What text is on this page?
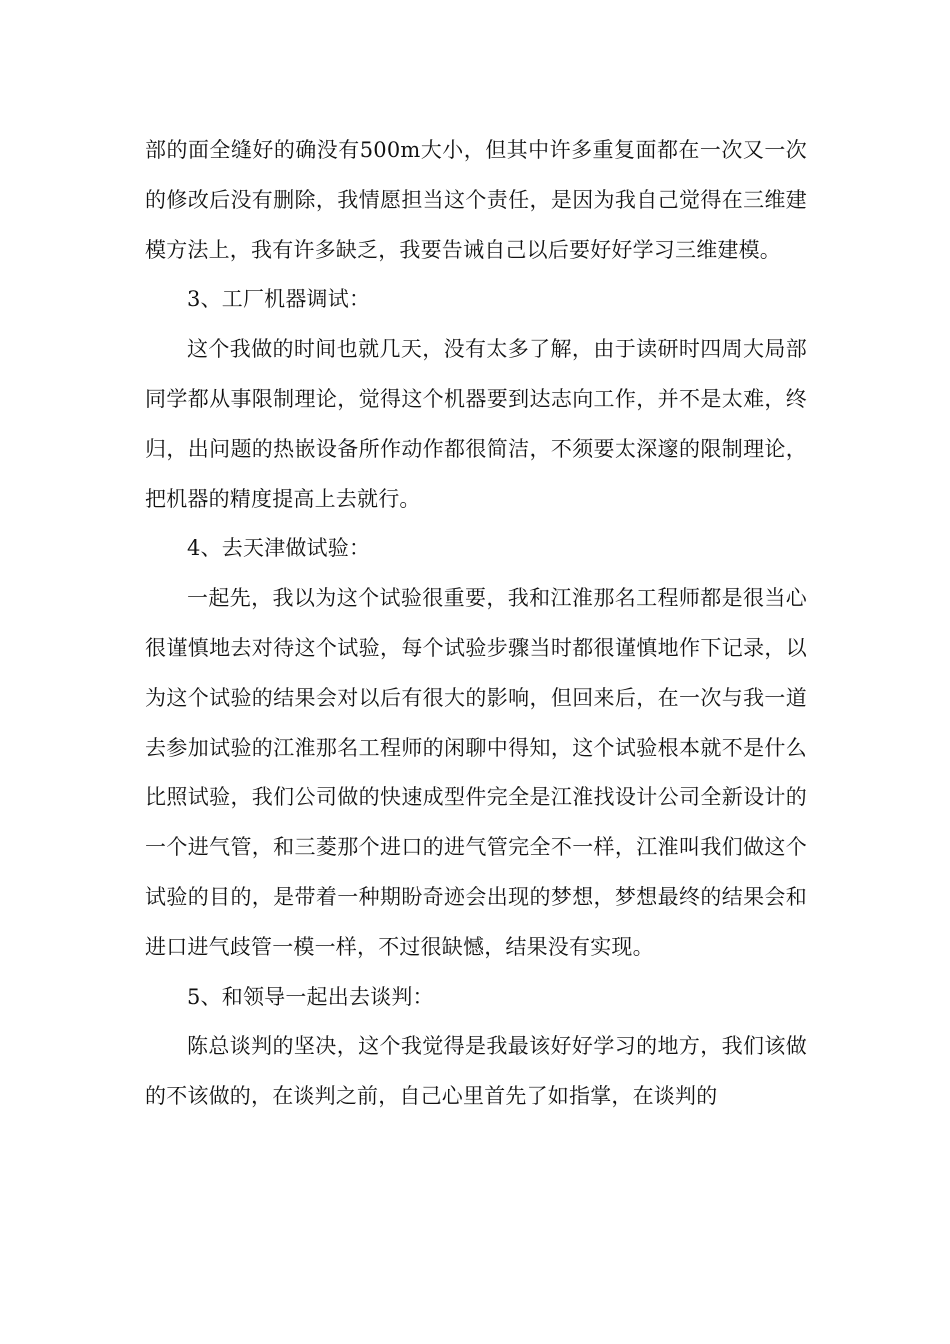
部的面全缝好的确没有500m大小，但其中许多重复面都在一次又一次的修改后没有删除，我情愿担当这个责任，是因为我自己觉得在三维建模方法上，我有许多缺乏，我要告诫自己以后要好好学习三维建模。

3、工厂机器调试：

这个我做的时间也就几天，没有太多了解，由于读研时四周大局部同学都从事限制理论，觉得这个机器要到达志向工作，并不是太难，终归，出问题的热嵌设备所作动作都很简洁，不须要太深邃的限制理论，把机器的精度提高上去就行。

4、去天津做试验：

一起先，我以为这个试验很重要，我和江淮那名工程师都是很当心很谨慎地去对待这个试验，每个试验步骤当时都很谨慎地作下记录，以为这个试验的结果会对以后有很大的影响，但回来后，在一次与我一道去参加试验的江淮那名工程师的闲聊中得知，这个试验根本就不是什么比照试验，我们公司做的快速成型件完全是江淮找设计公司全新设计的一个进气管，和三菱那个进口的进气管完全不一样，江淮叫我们做这个试验的目的，是带着一种期盼奇迹会出现的梦想，梦想最终的结果会和进口进气歧管一模一样，不过很缺憾，结果没有实现。

5、和领导一起出去谈判：

陈总谈判的坚决，这个我觉得是我最该好好学习的地方，我们该做的不该做的，在谈判之前，自己心里首先了如指掌，在谈判的
